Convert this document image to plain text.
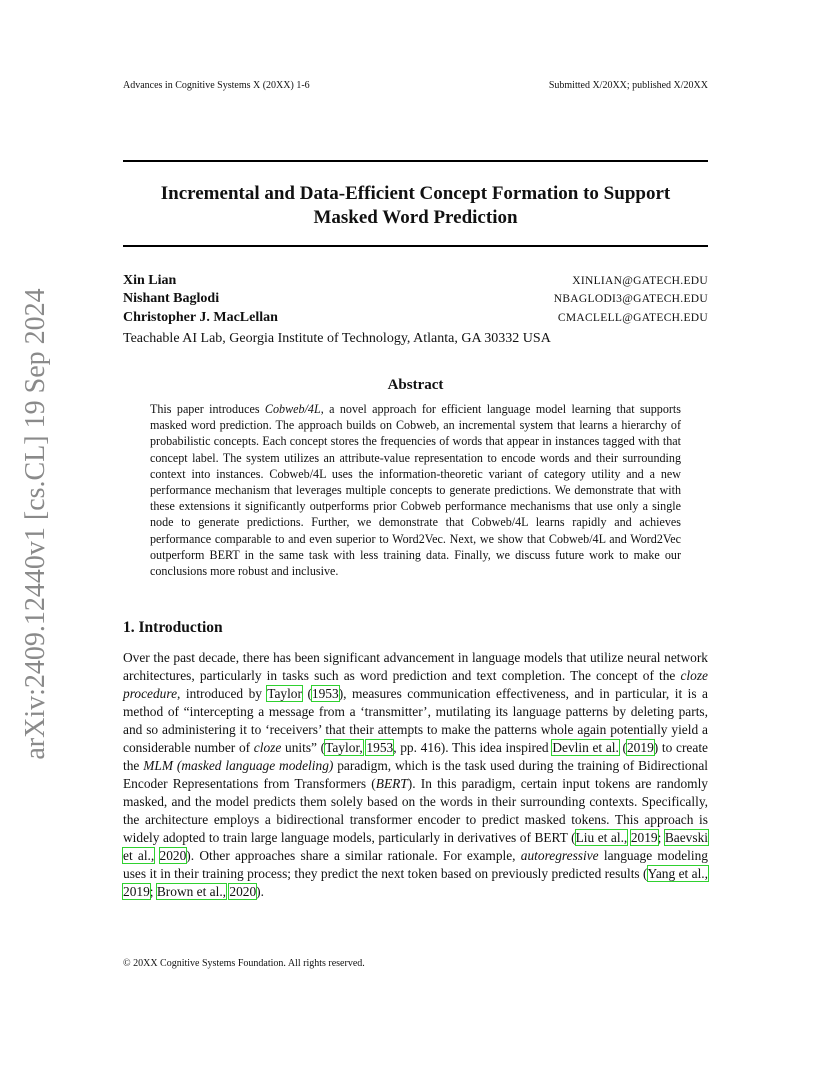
Advances in Cognitive Systems X (20XX) 1-6	Submitted X/20XX; published X/20XX
arXiv:2409.12440v1 [cs.CL] 19 Sep 2024
Incremental and Data-Efficient Concept Formation to Support
Masked Word Prediction
Xin Lian	XINLIAN@GATECH.EDU
Nishant Baglodi	NBAGLODI3@GATECH.EDU
Christopher J. MacLellan	CMACLELL@GATECH.EDU
Teachable AI Lab, Georgia Institute of Technology, Atlanta, GA 30332 USA
Abstract

This paper introduces Cobweb/4L, a novel approach for efficient language model learning that supports masked word prediction. The approach builds on Cobweb, an incremental system that learns a hierarchy of probabilistic concepts. Each concept stores the frequencies of words that appear in instances tagged with that concept label. The system utilizes an attribute-value representation to encode words and their surrounding context into instances. Cobweb/4L uses the information-theoretic variant of category utility and a new performance mechanism that leverages multiple concepts to generate predictions. We demonstrate that with these extensions it significantly outperforms prior Cobweb performance mechanisms that use only a single node to generate predictions. Further, we demonstrate that Cobweb/4L learns rapidly and achieves performance comparable to and even superior to Word2Vec. Next, we show that Cobweb/4L and Word2Vec outperform BERT in the same task with less training data. Finally, we discuss future work to make our conclusions more robust and inclusive.

1. Introduction

Over the past decade, there has been significant advancement in language models that utilize neural network architectures, particularly in tasks such as word prediction and text completion. The concept of the cloze procedure, introduced by Taylor (1953), measures communication effectiveness, and in particular, it is a method of “intercepting a message from a ‘transmitter’, mutilating its language patterns by deleting parts, and so administering it to ‘receivers’ that their attempts to make the patterns whole again potentially yield a considerable number of cloze units” (Taylor, 1953, pp. 416). This idea inspired Devlin et al. (2019) to create the MLM (masked language modeling) paradigm, which is the task used during the training of Bidirectional Encoder Representations from Transformers (BERT). In this paradigm, certain input tokens are randomly masked, and the model predicts them solely based on the words in their surrounding contexts. Specifically, the architecture employs a bidirectional transformer encoder to predict masked tokens. This approach is widely adopted to train large language models, particularly in derivatives of BERT (Liu et al., 2019; Baevski et al., 2020). Other approaches share a similar rationale. For example, autoregressive language modeling uses it in their training process; they predict the next token based on previously predicted results (Yang et al., 2019; Brown et al., 2020).

© 20XX Cognitive Systems Foundation. All rights reserved.
